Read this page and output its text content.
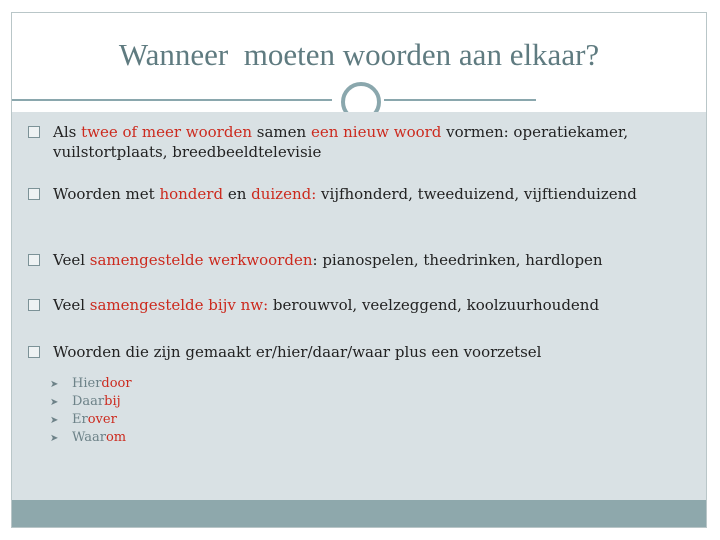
Wanneer  moeten woorden aan elkaar?
Als twee of meer woorden samen een nieuw woord vormen: operatiekamer, vuilstortplaats, breedbeeldtelevisie
Woorden met honderd en duizend: vijfhonderd, tweeduizend, vijftienduizend
Veel samengestelde werkwoorden: pianospelen, theedrinken, hardlopen
Veel samengestelde bijv nw: berouwvol, veelzeggend, koolzuurhoudend
Woorden die zijn gemaakt er/hier/daar/waar plus een voorzetsel
➤ Hierdoor
➤ Daarbij
➤ Erover
➤ Waarom
